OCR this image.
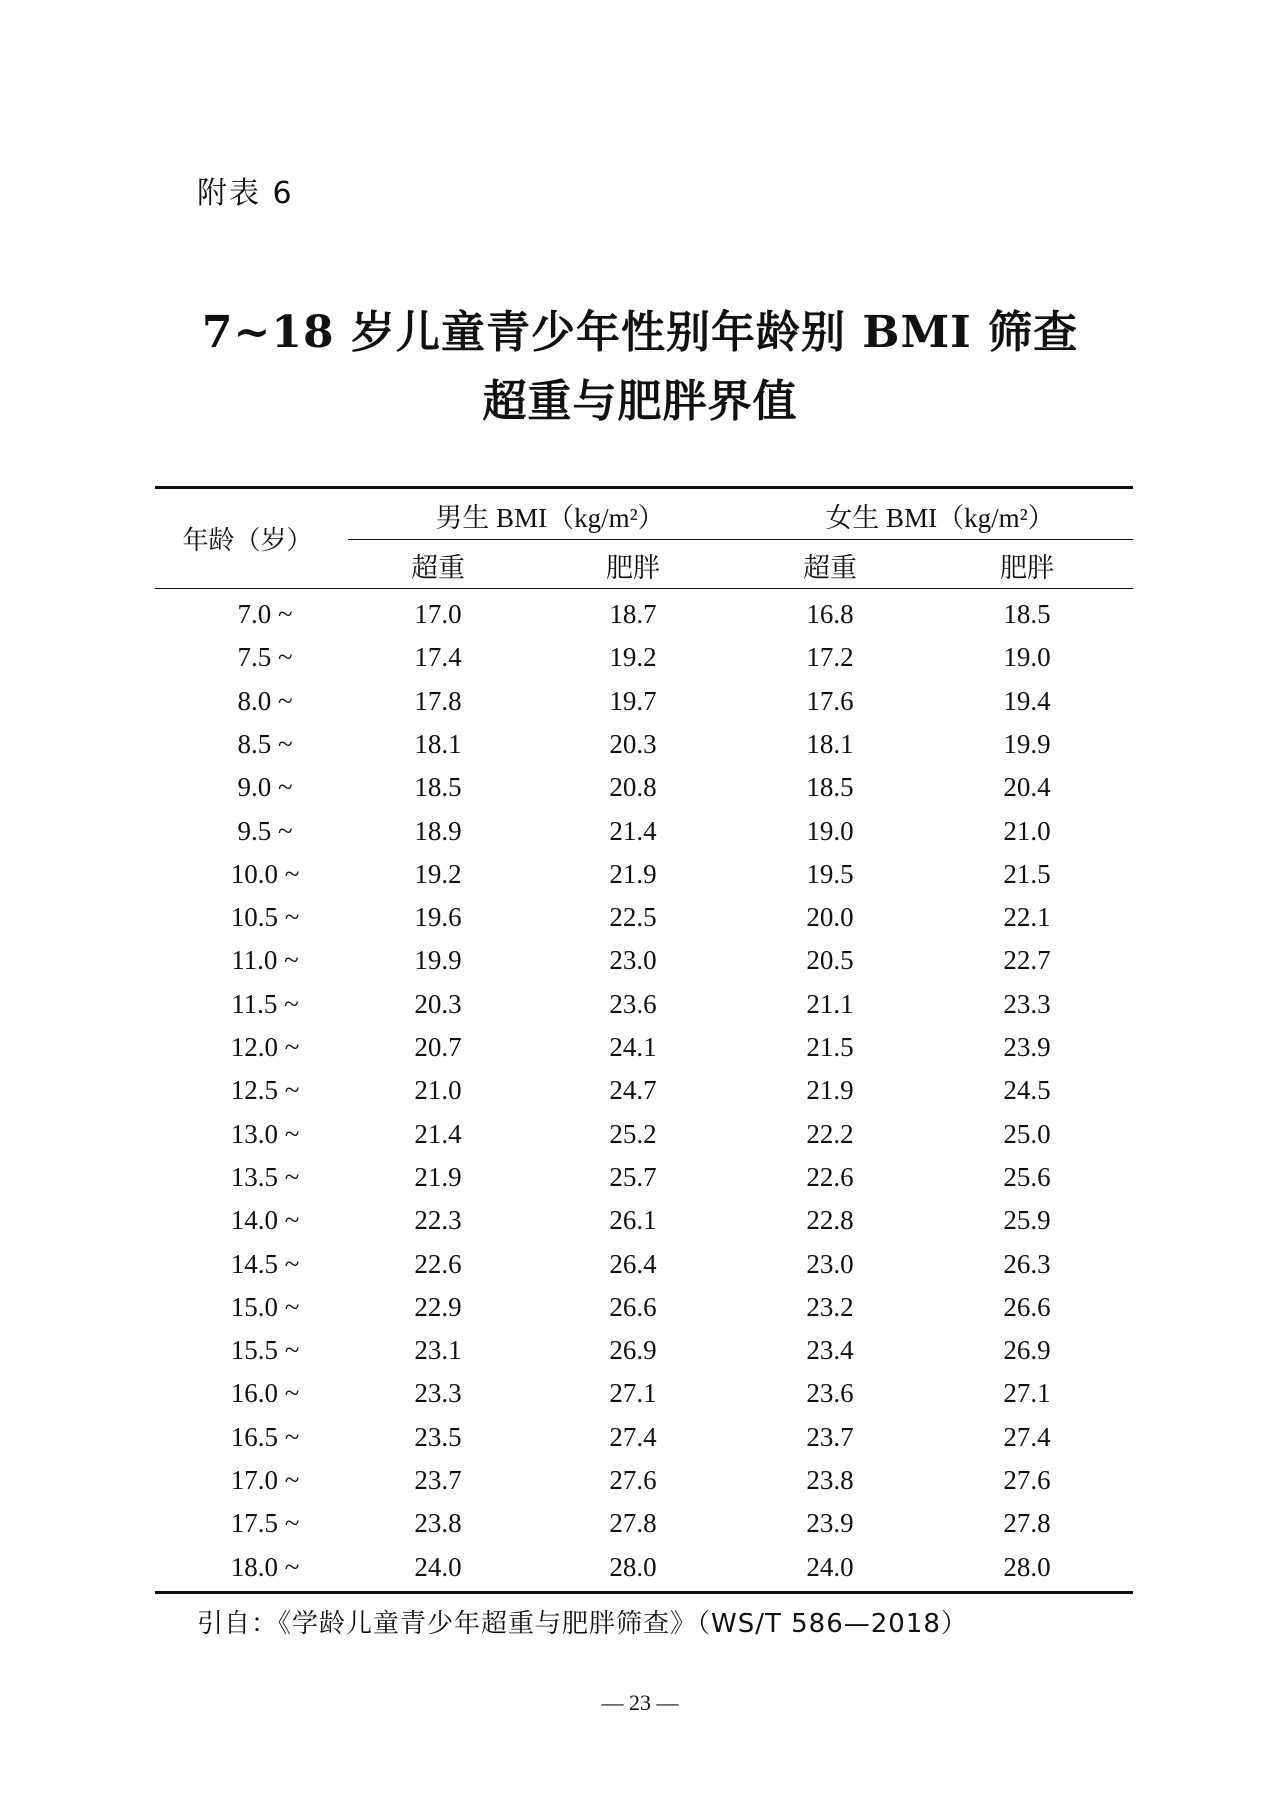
附表 6
7~18 岁儿童青少年性别年龄别 BMI 筛查
超重与肥胖界值
年龄（岁）
男生 BMI（kg/m²）	女生 BMI（kg/m²）
超重	肥胖	超重	肥胖
7.0 ~	17.0	18.7	16.8	18.5
7.5 ~	17.4	19.2	17.2	19.0
8.0 ~	17.8	19.7	17.6	19.4
8.5 ~	18.1	20.3	18.1	19.9
9.0 ~	18.5	20.8	18.5	20.4
9.5 ~	18.9	21.4	19.0	21.0
10.0 ~	19.2	21.9	19.5	21.5
10.5 ~	19.6	22.5	20.0	22.1
11.0 ~	19.9	23.0	20.5	22.7
11.5 ~	20.3	23.6	21.1	23.3
12.0 ~	20.7	24.1	21.5	23.9
12.5 ~	21.0	24.7	21.9	24.5
13.0 ~	21.4	25.2	22.2	25.0
13.5 ~	21.9	25.7	22.6	25.6
14.0 ~	22.3	26.1	22.8	25.9
14.5 ~	22.6	26.4	23.0	26.3
15.0 ~	22.9	26.6	23.2	26.6
15.5 ~	23.1	26.9	23.4	26.9
16.0 ~	23.3	27.1	23.6	27.1
16.5 ~	23.5	27.4	23.7	27.4
17.0 ~	23.7	27.6	23.8	27.6
17.5 ~	23.8	27.8	23.9	27.8
18.0 ~	24.0	28.0	24.0	28.0
引自：《学龄儿童青少年超重与肥胖筛查》（WS/T 586—2018）
— 23 —
